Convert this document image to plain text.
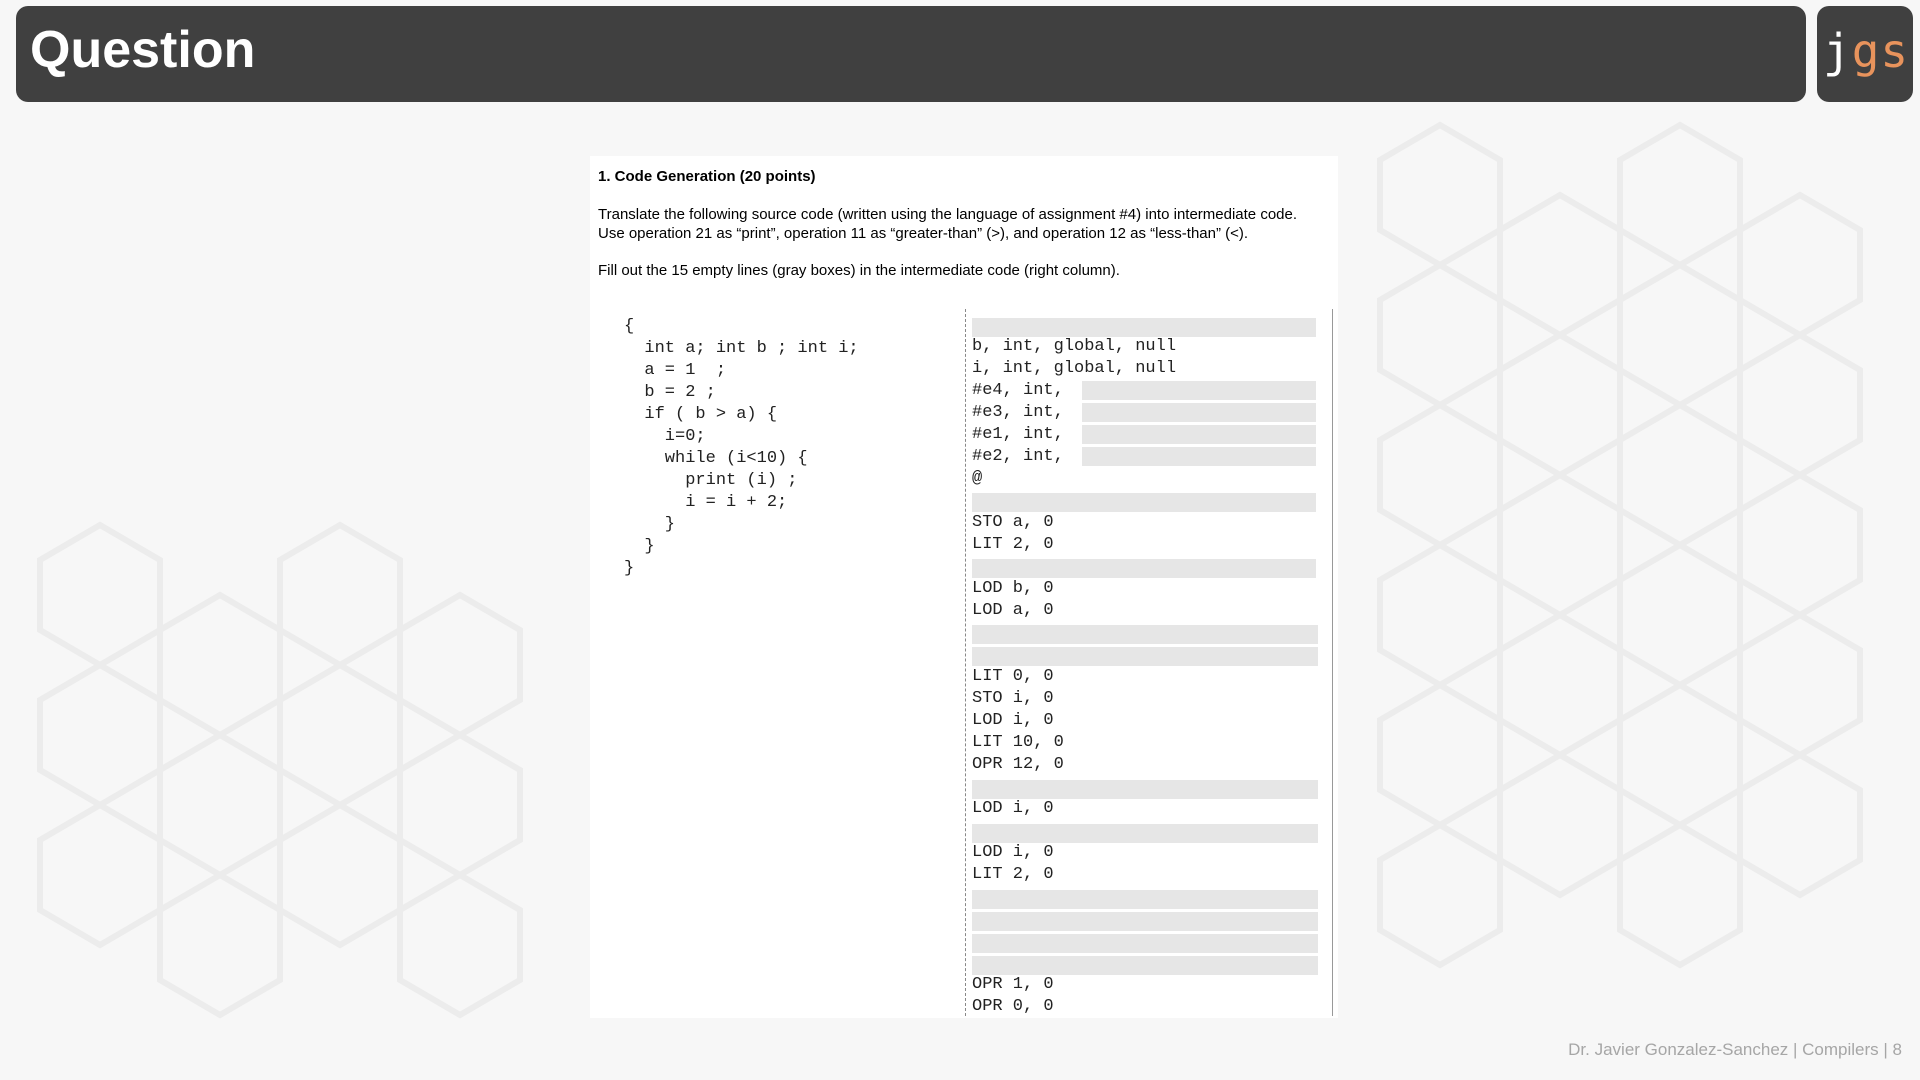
Question	jgs
1. Code Generation (20 points)
Translate the following source code (written using the language of assignment #4) into intermediate code.
Use operation 21 as “print”, operation 11 as “greater-than” (>), and operation 12 as “less-than” (<).
Fill out the 15 empty lines (gray boxes) in the intermediate code (right column).
{
int a; int b ; int i;
a = 1  ;
b = 2 ;
if ( b > a) {
i=0;
while (i<10) {
print (i) ;
i = i + 2;
}
}
}
b, int, global, null
i, int, global, null
#e4, int,
#e3, int,
#e1, int,
#e2, int,
@
STO a, 0
LIT 2, 0
LOD b, 0
LOD a, 0
LIT 0, 0
STO i, 0
LOD i, 0
LIT 10, 0
OPR 12, 0
LOD i, 0
LOD i, 0
LIT 2, 0
OPR 1, 0
OPR 0, 0
Dr. Javier Gonzalez-Sanchez | Compilers | 8
